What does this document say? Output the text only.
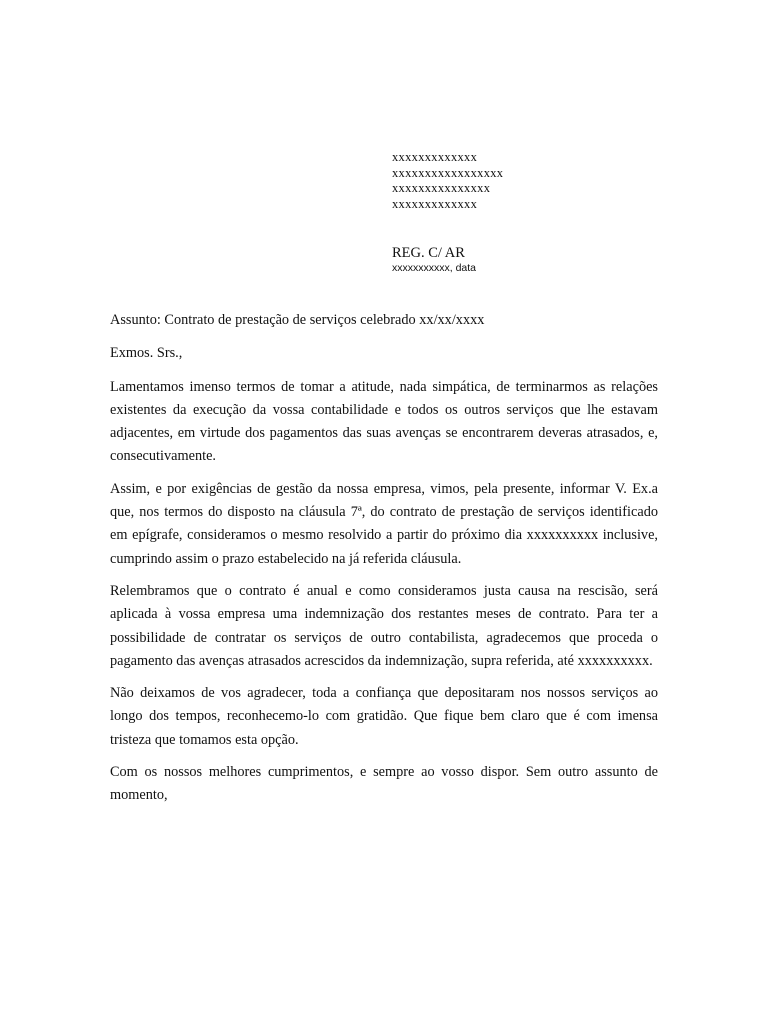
xxxxxxxxxxxxx
xxxxxxxxxxxxxxxxx
xxxxxxxxxxxxxxx
xxxxxxxxxxxxx
REG. C/ AR
xxxxxxxxxxx, data

Assunto: Contrato de prestação de serviços celebrado xx/xx/xxxx

Exmos. Srs.,

Lamentamos imenso termos de tomar a atitude, nada simpática, de terminarmos as relações existentes da execução da vossa contabilidade e todos os outros serviços que lhe estavam adjacentes, em virtude dos pagamentos das suas avenças se encontrarem deveras atrasados, e, consecutivamente.

Assim, e por exigências de gestão da nossa empresa, vimos, pela presente, informar V. Ex.a que, nos termos do disposto na cláusula 7ª, do contrato de prestação de serviços identificado em epígrafe, consideramos o mesmo resolvido a partir do próximo dia xxxxxxxxxx inclusive, cumprindo assim o prazo estabelecido na já referida cláusula.

Relembramos que o contrato é anual e como consideramos justa causa na rescisão, será aplicada à vossa empresa uma indemnização dos restantes meses de contrato. Para ter a possibilidade de contratar os serviços de outro contabilista, agradecemos que proceda o pagamento das avenças atrasados acrescidos da indemnização, supra referida, até xxxxxxxxxx.

Não deixamos de vos agradecer, toda a confiança que depositaram nos nossos serviços ao longo dos tempos, reconhecemo-lo com gratidão. Que fique bem claro que é com imensa tristeza que tomamos esta opção.

Com os nossos melhores cumprimentos, e sempre ao vosso dispor. Sem outro assunto de momento,
